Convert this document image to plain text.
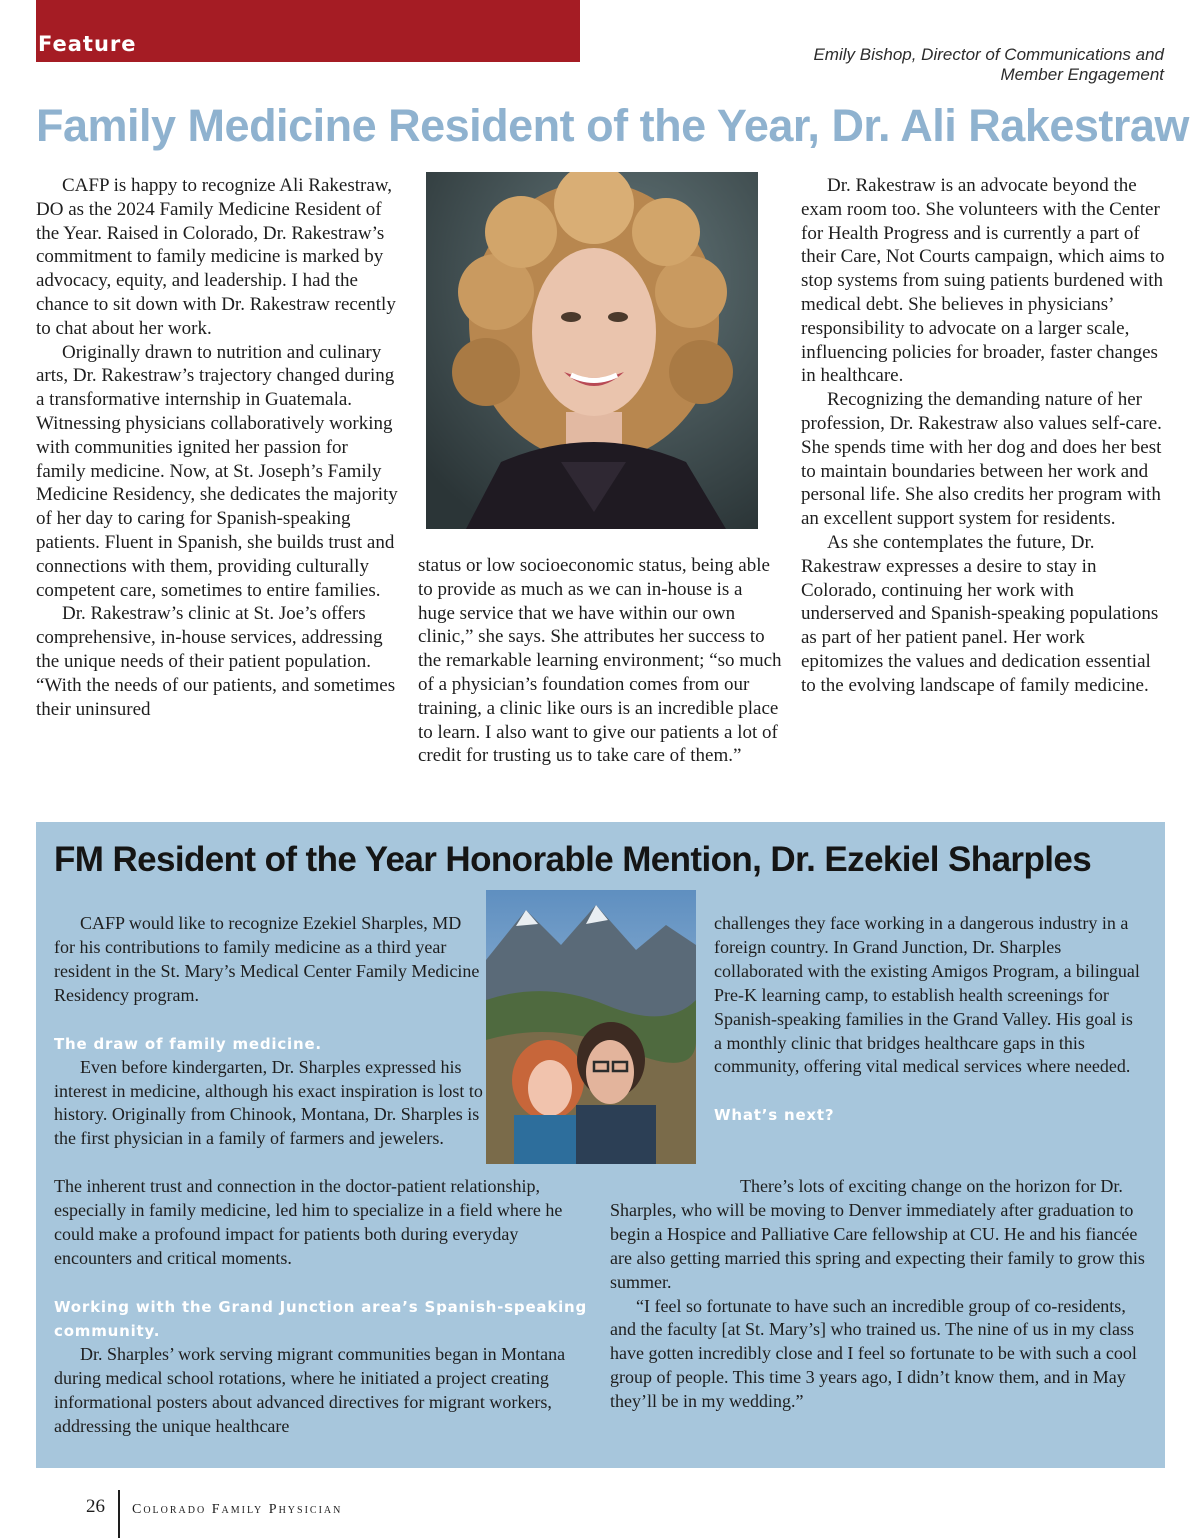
Feature	Emily Bishop, Director of Communications and
Member Engagement
Family Medicine Resident of the Year, Dr. Ali Rakestraw

CAFP is happy to recognize Ali Rakestraw, DO as the 2024 Family Medicine Resident of the Year. Raised in Colorado, Dr. Rakestraw’s commitment to family medicine is marked by advocacy, equity, and leadership. I had the chance to sit down with Dr. Rakestraw recently to chat about her work.

Originally drawn to nutrition and culinary arts, Dr. Rakestraw’s trajectory changed during a transformative internship in Guatemala. Witnessing physicians collaboratively working with communities ignited her passion for family medicine. Now, at St. Joseph’s Family Medicine Residency, she dedicates the majority of her day to caring for Spanish-speaking patients. Fluent in Spanish, she builds trust and connections with them, providing culturally competent care, sometimes to entire families.

Dr. Rakestraw’s clinic at St. Joe’s offers comprehensive, in-house services, addressing the unique needs of their patient population. “With the needs of our patients, and sometimes their uninsured

status or low socioeconomic status, being able to provide as much as we can in-house is a huge service that we have within our own clinic,” she says. She attributes her success to the remarkable learning environment; “so much of a physician’s foundation comes from our training, a clinic like ours is an incredible place to learn. I also want to give our patients a lot of credit for trusting us to take care of them.”

Dr. Rakestraw is an advocate beyond the exam room too. She volunteers with the Center for Health Progress and is currently a part of their Care, Not Courts campaign, which aims to stop systems from suing patients burdened with medical debt. She believes in physicians’ responsibility to advocate on a larger scale, influencing policies for broader, faster changes in healthcare.

Recognizing the demanding nature of her profession, Dr. Rakestraw also values self-care. She spends time with her dog and does her best to maintain boundaries between her work and personal life. She also credits her program with an excellent support system for residents.

As she contemplates the future, Dr. Rakestraw expresses a desire to stay in Colorado, continuing her work with underserved and Spanish-speaking populations as part of her patient panel. Her work epitomizes the values and dedication essential to the evolving landscape of family medicine.

FM Resident of the Year Honorable Mention, Dr. Ezekiel Sharples

CAFP would like to recognize Ezekiel Sharples, MD for his contributions to family medicine as a third year resident in the St. Mary’s Medical Center Family Medicine Residency program.

The draw of family medicine.

Even before kindergarten, Dr. Sharples expressed his interest in medicine, although his exact inspiration is lost to history. Originally from Chinook, Montana, Dr. Sharples is the first physician in a family of farmers and jewelers.

The inherent trust and connection in the doctor-patient relationship, especially in family medicine, led him to specialize in a field where he could make a profound impact for patients both during everyday encounters and critical moments.

Working with the Grand Junction area’s Spanish-speaking community.

Dr. Sharples’ work serving migrant communities began in Montana during medical school rotations, where he initiated a project creating informational posters about advanced directives for migrant workers, addressing the unique healthcare

challenges they face working in a dangerous industry in a foreign country. In Grand Junction, Dr. Sharples collaborated with the existing Amigos Program, a bilingual Pre-K learning camp, to establish health screenings for Spanish-speaking families in the Grand Valley. His goal is a monthly clinic that bridges healthcare gaps in this community, offering vital medical services where needed.

What’s next?

There’s lots of exciting change on the horizon for Dr. Sharples, who will be moving to Denver immediately after graduation to begin a Hospice and Palliative Care fellowship at CU. He and his fiancée are also getting married this spring and expecting their family to grow this summer.

“I feel so fortunate to have such an incredible group of co-residents, and the faculty [at St. Mary’s] who trained us. The nine of us in my class have gotten incredibly close and I feel so fortunate to be with such a cool group of people. This time 3 years ago, I didn’t know them, and in May they’ll be in my wedding.”

26 Colorado Family Physician
